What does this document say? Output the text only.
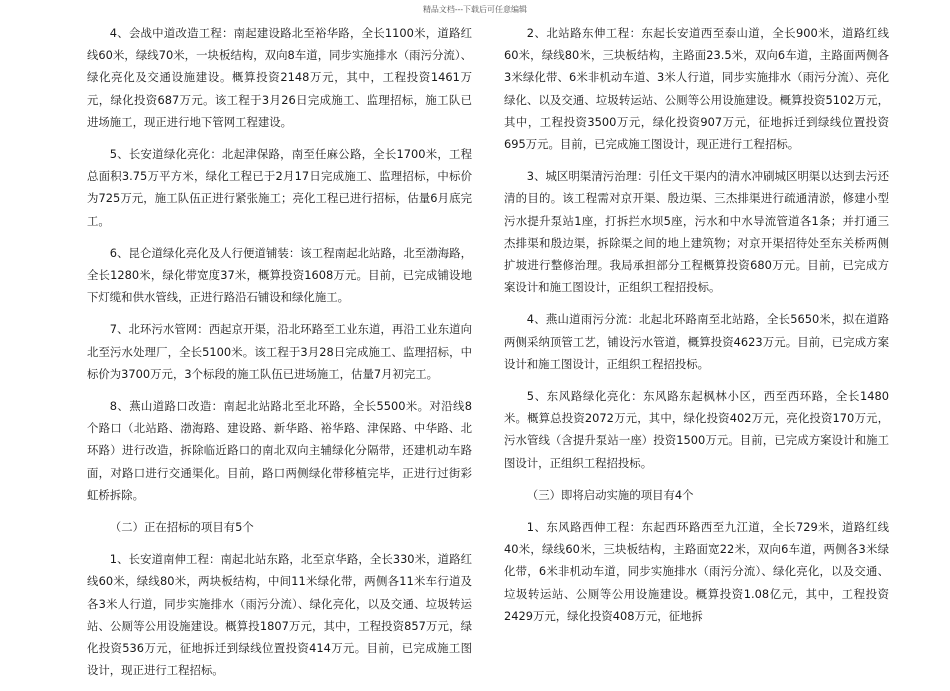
精品文档---下载后可任意编辑

4、会战中道改造工程：南起建设路北至裕华路，全长1100米，道路红线60米，绿线70米，一块板结构，双向8车道，同步实施排水（雨污分流）、绿化亮化及交通设施建设。概算投资2148万元，其中，工程投资1461万元，绿化投资687万元。该工程于3月26日完成施工、监理招标，施工队已进场施工，现正进行地下管网工程建设。

5、长安道绿化亮化：北起津保路，南至任麻公路，全长1700米，工程总面积3.75万平方米，绿化工程已于2月17日完成施工、监理招标，中标价为725万元，施工队伍正进行紧张施工；亮化工程已进行招标，估量6月底完工。

6、昆仑道绿化亮化及人行便道铺装：该工程南起北站路，北至渤海路，全长1280米，绿化带宽度37米，概算投资1608万元。目前，已完成铺设地下灯缆和供水管线，正进行路沿石铺设和绿化施工。

7、北环污水管网：西起京开渠，沿北环路至工业东道，再沿工业东道向北至污水处理厂，全长5100米。该工程于3月28日完成施工、监理招标，中标价为3700万元，3个标段的施工队伍已进场施工，估量7月初完工。

8、燕山道路口改造：南起北站路北至北环路，全长5500米。对沿线8个路口（北站路、渤海路、建设路、新华路、裕华路、津保路、中华路、北环路）进行改造，拆除临近路口的南北双向主辅绿化分隔带，还建机动车路面，对路口进行交通渠化。目前，路口两侧绿化带移植完毕，正进行过街彩虹桥拆除。

（二）正在招标的项目有5个

1、长安道南伸工程：南起北站东路，北至京华路，全长330米，道路红线60米，绿线80米，两块板结构，中间11米绿化带，两侧各11米车行道及各3米人行道，同步实施排水（雨污分流）、绿化亮化，以及交通、垃圾转运站、公厕等公用设施建设。概算投1807万元，其中，工程投资857万元，绿化投资536万元，征地拆迁到绿线位置投资414万元。目前，已完成施工图设计，现正进行工程招标。

2、北站路东伸工程：东起长安道西至泰山道，全长900米，道路红线60米，绿线80米，三块板结构，主路面23.5米，双向6车道，主路面两侧各3米绿化带、6米非机动车道、3米人行道，同步实施排水（雨污分流）、亮化绿化、以及交通、垃圾转运站、公厕等公用设施建设。概算投资5102万元，其中，工程投资3500万元，绿化投资907万元，征地拆迁到绿线位置投资695万元。目前，已完成施工图设计，现正进行工程招标。

3、城区明渠清污治理：引任文干渠内的清水冲刷城区明渠以达到去污还清的目的。该工程需对京开渠、殷边渠、三杰排渠进行疏通清淤，修建小型污水提升泵站1座，打拆拦水坝5座，污水和中水导流管道各1条；并打通三杰排渠和殷边渠，拆除渠之间的地上建筑物；对京开渠招待处至东关桥两侧扩坡进行整修治理。我局承担部分工程概算投资680万元。目前，已完成方案设计和施工图设计，正组织工程招投标。

4、燕山道雨污分流：北起北环路南至北站路，全长5650米，拟在道路两侧采纳顶管工艺，铺设污水管道，概算投资4623万元。目前，已完成方案设计和施工图设计，正组织工程招投标。

5、东风路绿化亮化：东风路东起枫林小区，西至西环路，全长1480米。概算总投资2072万元，其中，绿化投资402万元，亮化投资170万元，污水管线（含提升泵站一座）投资1500万元。目前，已完成方案设计和施工图设计，正组织工程招投标。

（三）即将启动实施的项目有4个

1、东风路西伸工程：东起西环路西至九江道，全长729米，道路红线40米，绿线60米，三块板结构，主路面宽22米，双向6车道，两侧各3米绿化带，6米非机动车道，同步实施排水（雨污分流）、绿化亮化，以及交通、垃圾转运站、公厕等公用设施建设。概算投资1.08亿元，其中，工程投资2429万元，绿化投资408万元，征地拆
